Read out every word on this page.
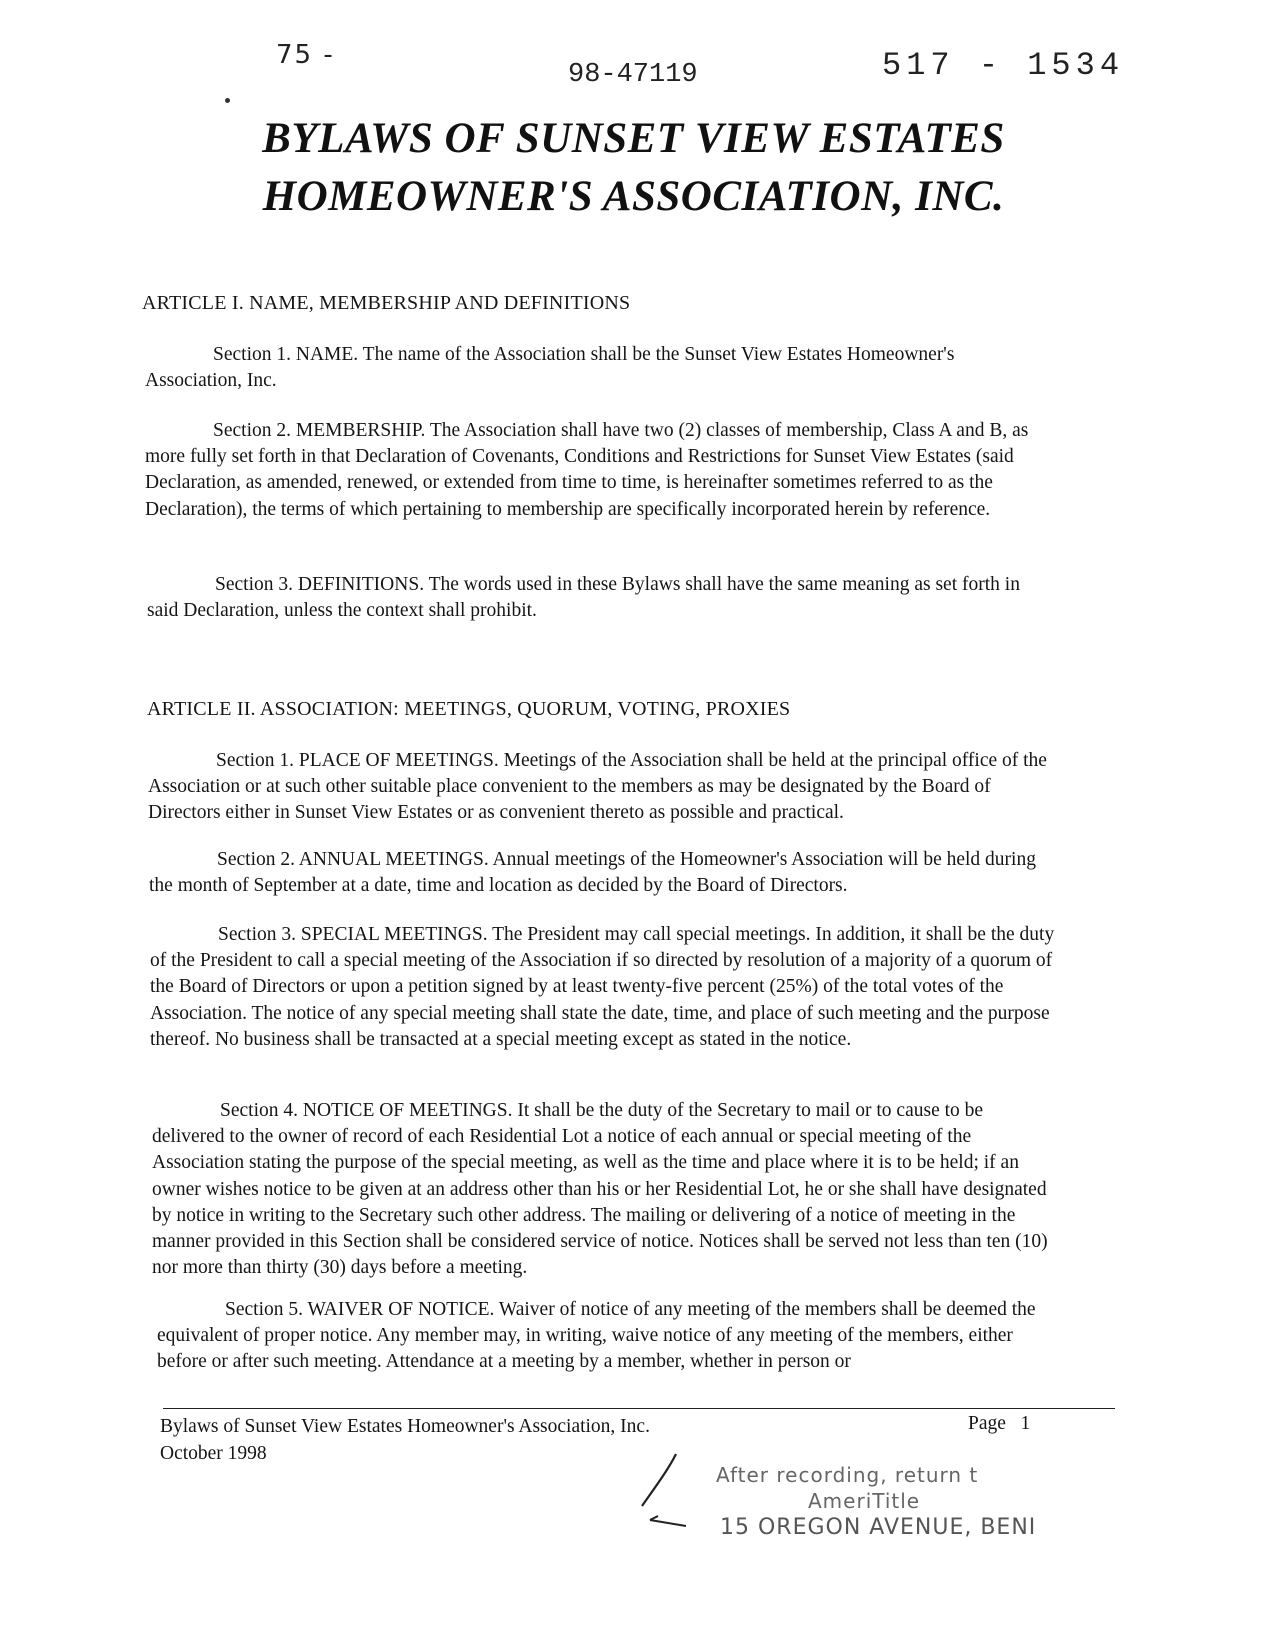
75 -
98-47119	517 - 1534
BYLAWS OF SUNSET VIEW ESTATES
HOMEOWNER'S ASSOCIATION, INC.
ARTICLE I. NAME, MEMBERSHIP AND DEFINITIONS

Section 1. NAME. The name of the Association shall be the Sunset View Estates Homeowner's Association, Inc.

Section 2. MEMBERSHIP. The Association shall have two (2) classes of membership, Class A and B, as more fully set forth in that Declaration of Covenants, Conditions and Restrictions for Sunset View Estates (said Declaration, as amended, renewed, or extended from time to time, is hereinafter sometimes referred to as the Declaration), the terms of which pertaining to membership are specifically incorporated herein by reference.

Section 3. DEFINITIONS. The words used in these Bylaws shall have the same meaning as set forth in said Declaration, unless the context shall prohibit.

ARTICLE II. ASSOCIATION: MEETINGS, QUORUM, VOTING, PROXIES

Section 1. PLACE OF MEETINGS. Meetings of the Association shall be held at the principal office of the Association or at such other suitable place convenient to the members as may be designated by the Board of Directors either in Sunset View Estates or as convenient thereto as possible and practical.

Section 2. ANNUAL MEETINGS. Annual meetings of the Homeowner's Association will be held during the month of September at a date, time and location as decided by the Board of Directors.

Section 3. SPECIAL MEETINGS. The President may call special meetings. In addition, it shall be the duty of the President to call a special meeting of the Association if so directed by resolution of a majority of a quorum of the Board of Directors or upon a petition signed by at least twenty-five percent (25%) of the total votes of the Association. The notice of any special meeting shall state the date, time, and place of such meeting and the purpose thereof. No business shall be transacted at a special meeting except as stated in the notice.

Section 4. NOTICE OF MEETINGS. It shall be the duty of the Secretary to mail or to cause to be delivered to the owner of record of each Residential Lot a notice of each annual or special meeting of the Association stating the purpose of the special meeting, as well as the time and place where it is to be held; if an owner wishes notice to be given at an address other than his or her Residential Lot, he or she shall have designated by notice in writing to the Secretary such other address. The mailing or delivering of a notice of meeting in the manner provided in this Section shall be considered service of notice. Notices shall be served not less than ten (10) nor more than thirty (30) days before a meeting.

Section 5. WAIVER OF NOTICE. Waiver of notice of any meeting of the members shall be deemed the equivalent of proper notice. Any member may, in writing, waive notice of any meeting of the members, either before or after such meeting. Attendance at a meeting by a member, whether in person or

Bylaws of Sunset View Estates Homeowner's Association, Inc.
October 1998
Page 1
After recording, return t
AmeriTitle
15 OREGON AVENUE, BENI
